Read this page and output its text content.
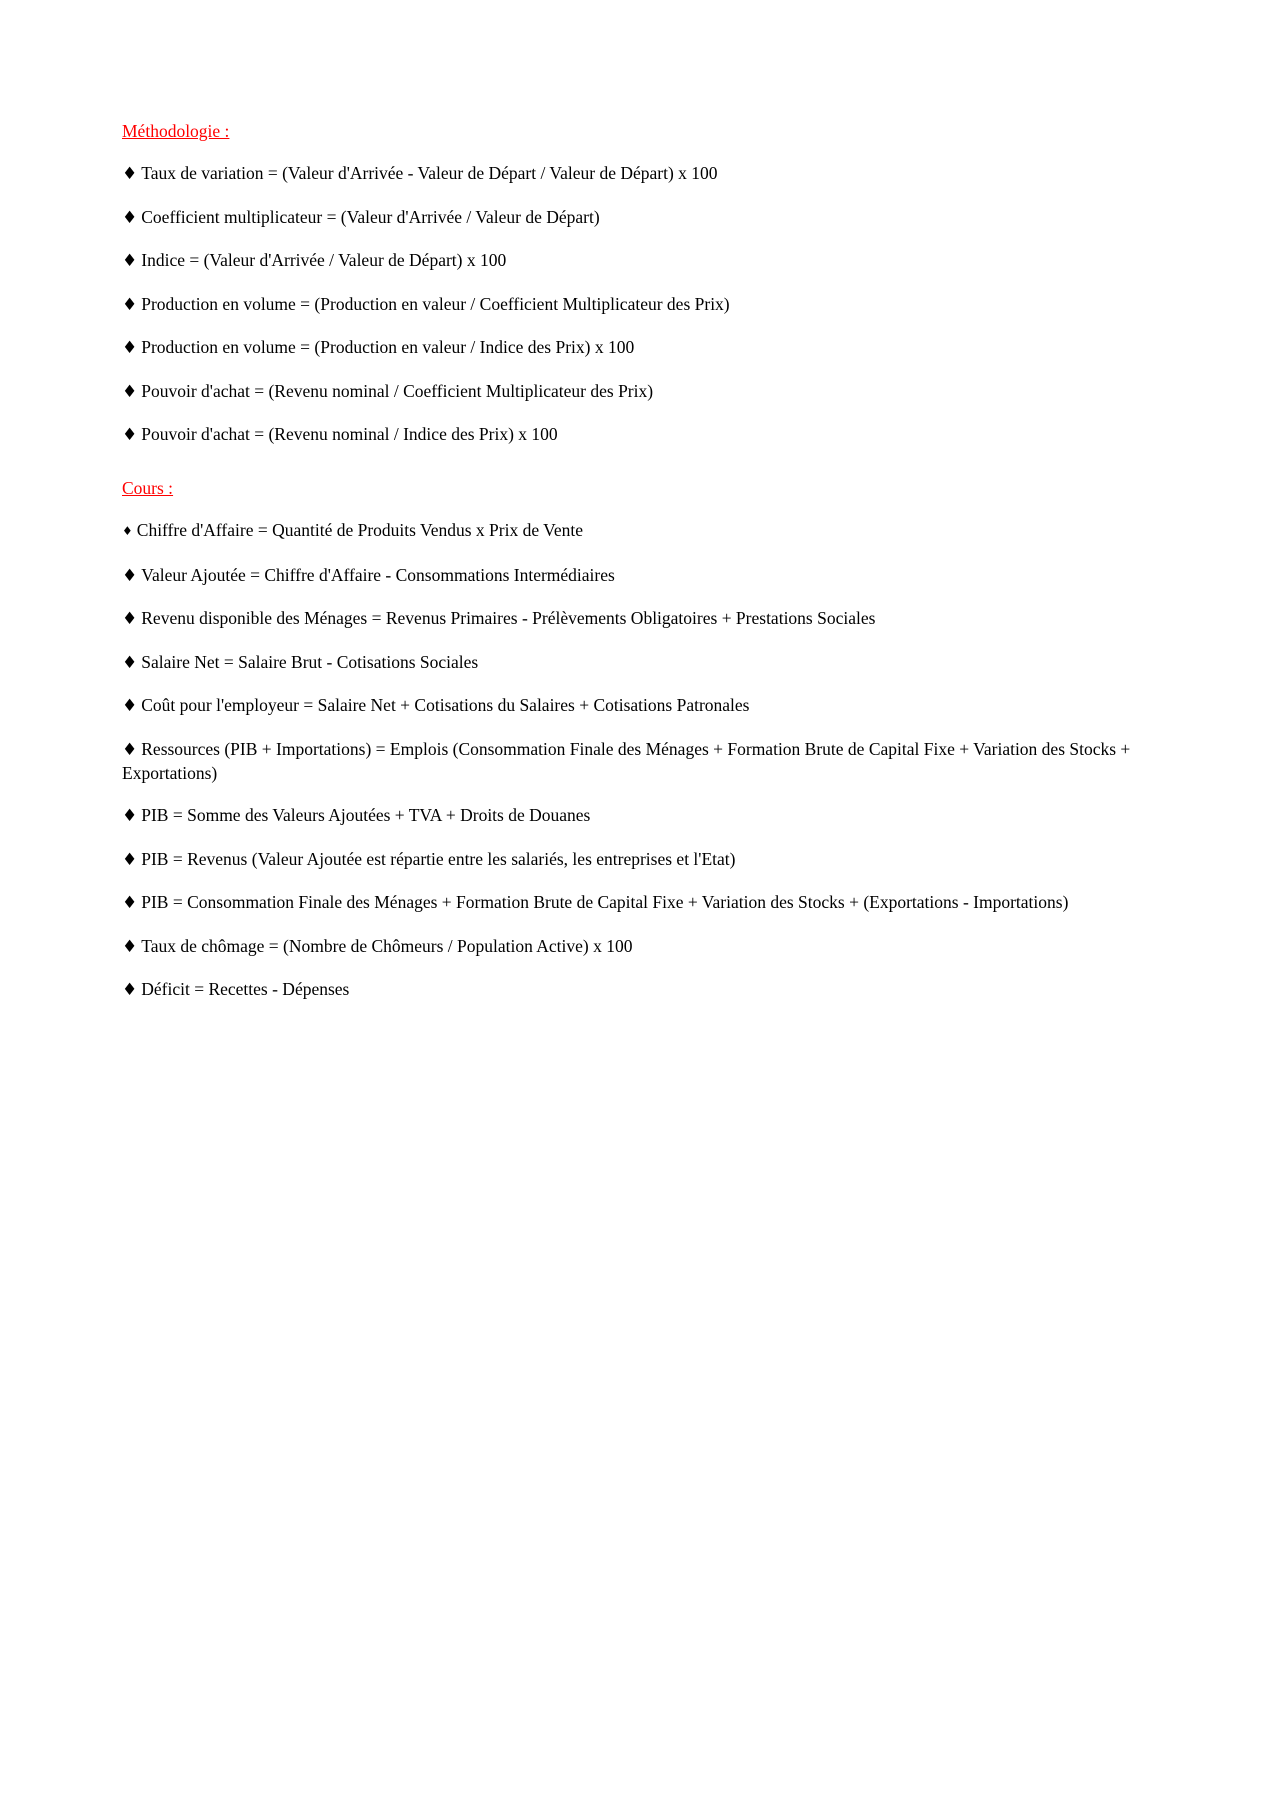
Méthodologie :
♦ Taux de variation = (Valeur d'Arrivée - Valeur de Départ / Valeur de Départ) x 100
♦ Coefficient multiplicateur = (Valeur d'Arrivée / Valeur de Départ)
♦ Indice = (Valeur d'Arrivée / Valeur de Départ) x 100
♦ Production en volume = (Production en valeur / Coefficient Multiplicateur des Prix)
♦ Production en volume = (Production en valeur / Indice des Prix) x 100
♦ Pouvoir d'achat = (Revenu nominal / Coefficient Multiplicateur des Prix)
♦ Pouvoir d'achat = (Revenu nominal / Indice des Prix) x 100
Cours :
♦ Chiffre d'Affaire = Quantité de Produits Vendus x Prix de Vente
♦ Valeur Ajoutée = Chiffre d'Affaire - Consommations Intermédiaires
♦ Revenu disponible des Ménages = Revenus Primaires - Prélèvements Obligatoires + Prestations Sociales
♦ Salaire Net = Salaire Brut - Cotisations Sociales
♦ Coût pour l'employeur = Salaire Net + Cotisations du Salaires + Cotisations Patronales
♦ Ressources (PIB + Importations) = Emplois (Consommation Finale des Ménages + Formation Brute de Capital Fixe + Variation des Stocks + Exportations)
♦ PIB = Somme des Valeurs Ajoutées + TVA + Droits de Douanes
♦ PIB = Revenus (Valeur Ajoutée est répartie entre les salariés, les entreprises et l'Etat)
♦ PIB = Consommation Finale des Ménages + Formation Brute de Capital Fixe + Variation des Stocks + (Exportations - Importations)
♦ Taux de chômage = (Nombre de Chômeurs / Population Active) x 100
♦ Déficit = Recettes - Dépenses
